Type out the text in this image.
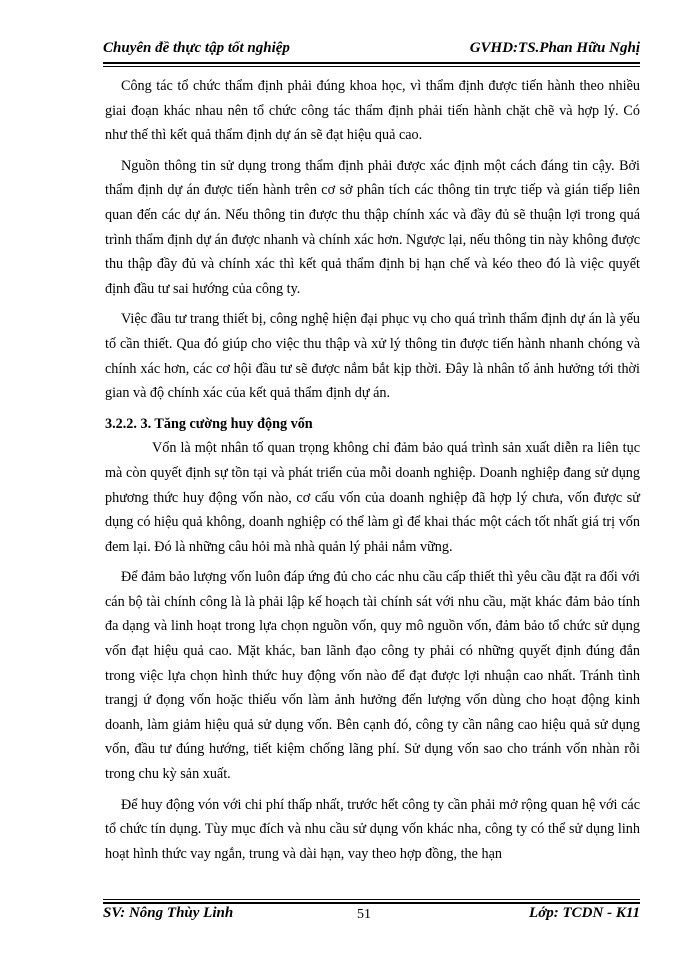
Chuyên đề thực tập tốt nghiệp	GVHD:TS.Phan Hữu Nghị

Công tác tổ chức thẩm định phải đúng khoa học, vì thẩm định được tiến hành theo nhiều giai đoạn khác nhau nên tổ chức công tác thẩm định phải tiến hành chặt chẽ và hợp lý. Có như thế thì kết quả thẩm định dự án sẽ đạt hiệu quả cao.

Nguồn thông tin sử dụng trong thẩm định phải được xác định một cách đáng tin cậy. Bởi thẩm định dự án được tiến hành trên cơ sở phân tích các thông tin trực tiếp và gián tiếp liên quan đến các dự án. Nếu thông tin được thu thập chính xác và đầy đủ sẽ thuận lợi trong quá trình thẩm định dự án được nhanh và chính xác hơn. Ngược lại, nếu thông tin này không được thu thập đầy đủ và chính xác thì kết quả thẩm định bị hạn chế và kéo theo đó là việc quyết định đầu tư sai hướng của công ty.

Việc đầu tư trang thiết bị, công nghệ hiện đại phục vụ cho quá trình thẩm định dự án là yếu tố cần thiết. Qua đó giúp cho việc thu thập và xử lý thông tin được tiến hành nhanh chóng và chính xác hơn, các cơ hội đầu tư sẽ được nắm bắt kịp thời. Đây là nhân tố ảnh hưởng tới thời gian và độ chính xác của kết quả thẩm định dự án.

3.2.2. 3. Tăng cường huy động vốn

Vốn là một nhân tố quan trọng không chỉ đảm bảo quá trình sản xuất diễn ra liên tục mà còn quyết định sự tồn tại và phát triển của mỗi doanh nghiệp. Doanh nghiệp đang sử dụng phương thức huy động vốn nào, cơ cấu vốn của doanh nghiệp đã hợp lý chưa, vốn được sử dụng có hiệu quả không, doanh nghiệp có thể làm gì để khai thác một cách tốt nhất giá trị vốn đem lại. Đó là những câu hỏi mà nhà quản lý phải nắm vững.

Để đảm bảo lượng vốn luôn đáp ứng đủ cho các nhu cầu cấp thiết thì yêu cầu đặt ra đối với cán bộ tài chính công là là phải lập kế hoạch tài chính sát với nhu cầu, mặt khác đảm bảo tính đa dạng và linh hoạt trong lựa chọn nguồn vốn, quy mô nguồn vốn, đảm bảo tổ chức sử dụng vốn đạt hiệu quả cao. Mặt khác, ban lãnh đạo công ty phải có những quyết định đúng đắn trong việc lựa chọn hình thức huy động vốn nào để đạt được lợi nhuận cao nhất. Tránh tình trangj ứ đọng vốn hoặc thiếu vốn làm ảnh hưởng đến lượng vốn dùng cho hoạt động kinh doanh, làm giảm hiệu quả sử dụng vốn. Bên cạnh đó, công ty cần nâng cao hiệu quả sử dụng vốn, đầu tư đúng hướng, tiết kiệm chống lãng phí. Sử dụng vốn sao cho tránh vốn nhàn rỗi trong chu kỳ sản xuất.

Để huy động vón với chi phí thấp nhất, trước hết công ty cần phải mở rộng quan hệ với các tổ chức tín dụng. Tùy mục đích và nhu cầu sử dụng vốn khác nha, công ty có thể sử dụng linh hoạt hình thức vay ngắn, trung và dài hạn, vay theo hợp đồng, the hạn

SV: Nông Thùy Linh	51	Lớp: TCDN - K11
